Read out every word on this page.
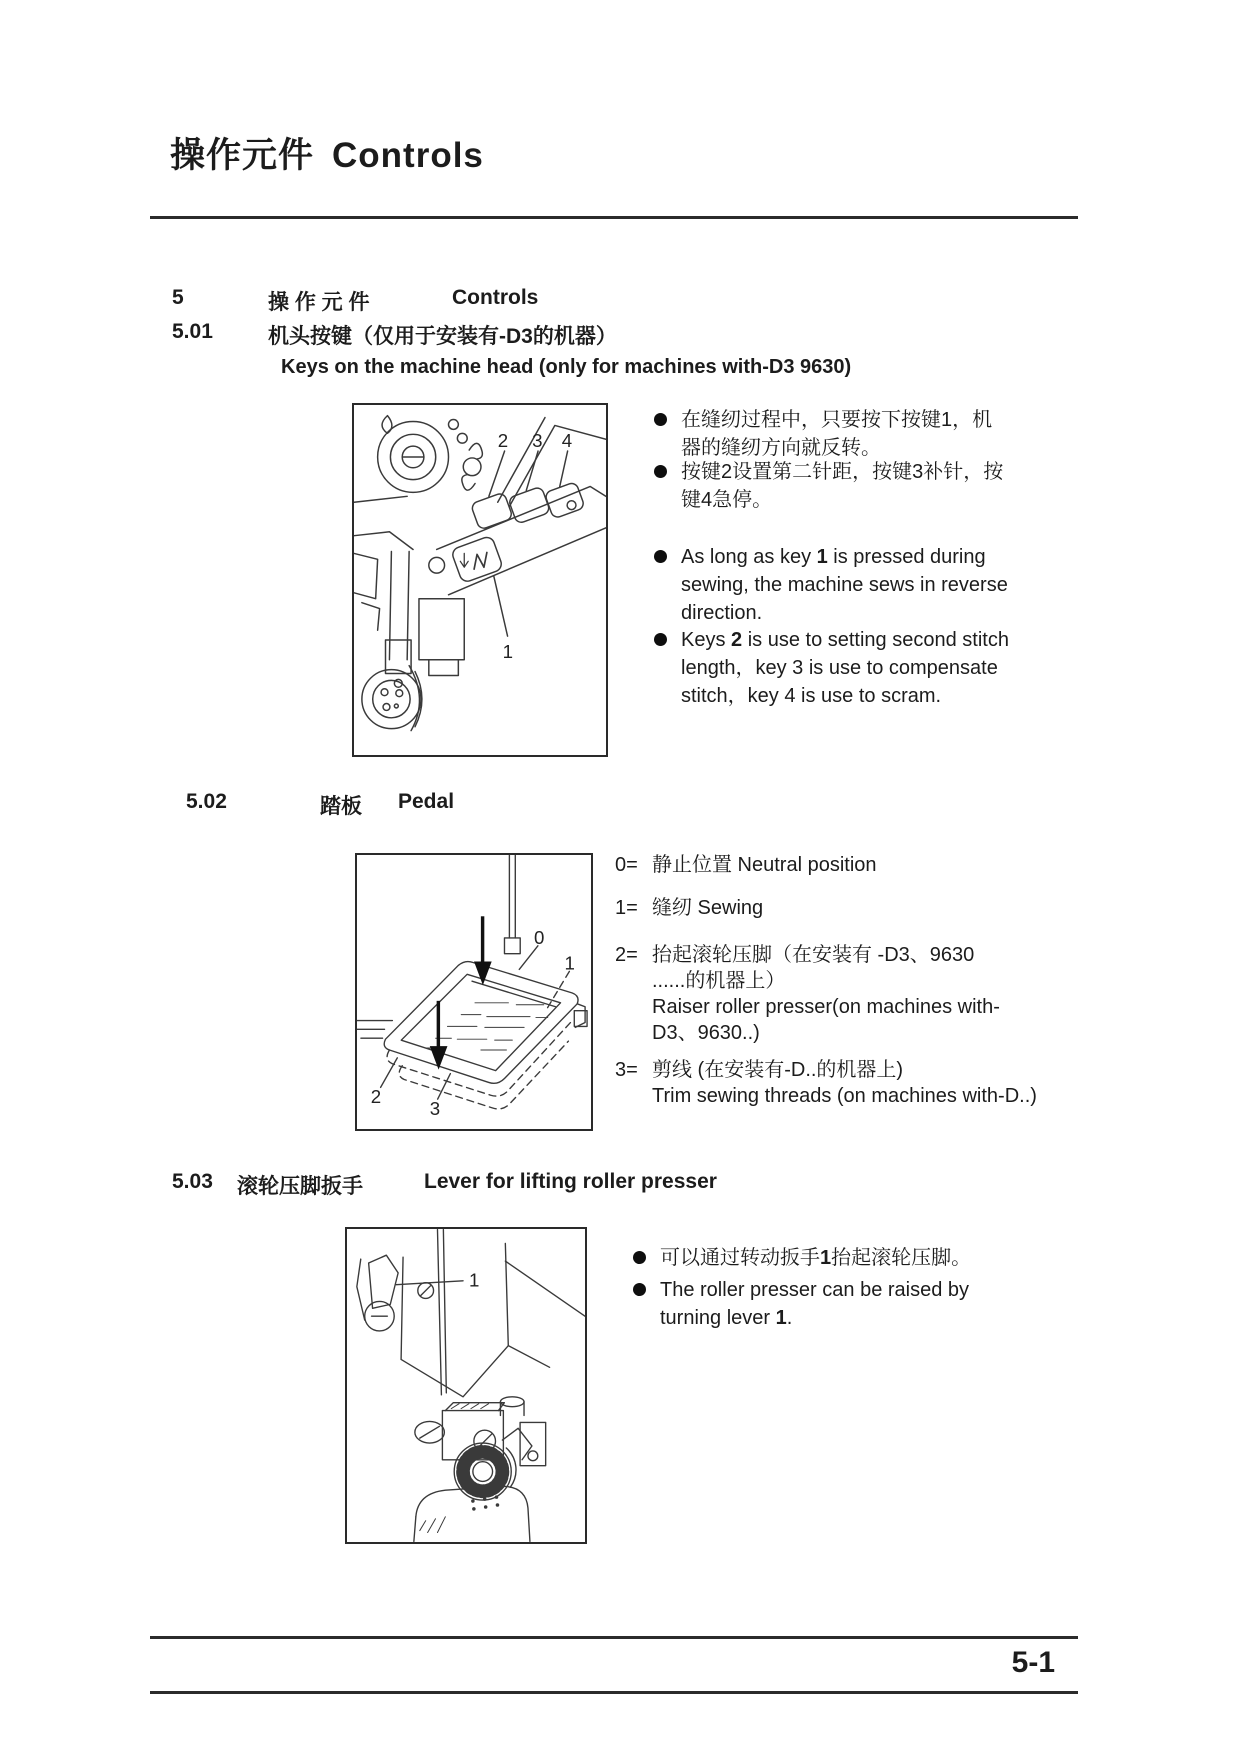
操作元件 Controls
5	操 作 元 件	Controls
5.01	机头按键（仅用于安装有-D3的机器）
Keys on the machine head (only for machines with-D3 9630)
2 3 4
1
在缝纫过程中，只要按下按键1，机
器的缝纫方向就反转。
按键2设置第二针距，按键3补针，按
键4急停。
As long as key 1 is pressed during
sewing, the machine sews in reverse
direction.
Keys 2 is use to setting second stitch
length，key 3 is use to compensate
stitch，key 4 is use to scram.
5.02	踏板 Pedal
0
1
2
3
0= 静止位置 Neutral position
1= 缝纫 Sewing
2= 抬起滚轮压脚（在安装有 -D3、9630
......的机器上）
Raiser roller presser(on machines with-
D3、9630..)
3= 剪线 (在安装有-D..的机器上)
Trim sewing threads (on machines with-D..)
5.03 滚轮压脚扳手	Lever for lifting roller presser
1
可以通过转动扳手1抬起滚轮压脚。
The roller presser can be raised by
turning lever 1.
5-1
